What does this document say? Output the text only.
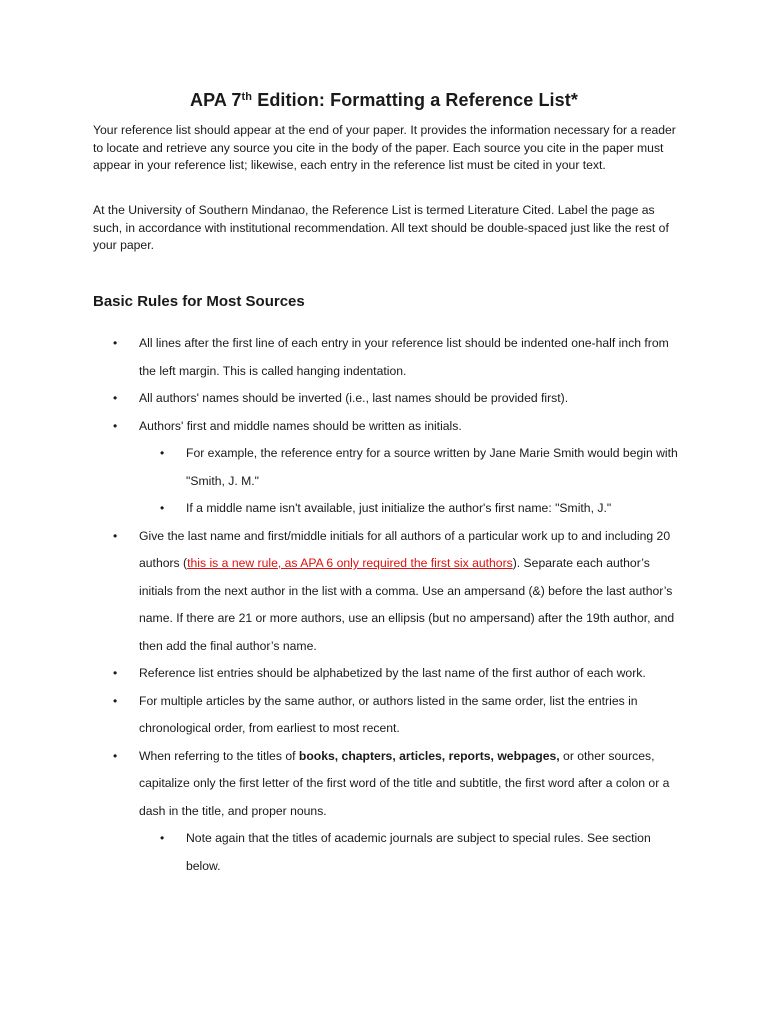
APA 7th Edition: Formatting a Reference List*

Your reference list should appear at the end of your paper. It provides the information necessary for a reader to locate and retrieve any source you cite in the body of the paper. Each source you cite in the paper must appear in your reference list; likewise, each entry in the reference list must be cited in your text.

At the University of Southern Mindanao, the Reference List is termed Literature Cited. Label the page as such, in accordance with institutional recommendation. All text should be double-spaced just like the rest of your paper.

Basic Rules for Most Sources
• All lines after the first line of each entry in your reference list should be indented one-half inch from the left margin. This is called hanging indentation.
• All authors' names should be inverted (i.e., last names should be provided first).
• Authors' first and middle names should be written as initials.
• For example, the reference entry for a source written by Jane Marie Smith would begin with "Smith, J. M."
• If a middle name isn't available, just initialize the author's first name: "Smith, J."
• Give the last name and first/middle initials for all authors of a particular work up to and including 20 authors (this is a new rule, as APA 6 only required the first six authors). Separate each author’s initials from the next author in the list with a comma. Use an ampersand (&) before the last author’s name. If there are 21 or more authors, use an ellipsis (but no ampersand) after the 19th author, and then add the final author’s name.
• Reference list entries should be alphabetized by the last name of the first author of each work.
• For multiple articles by the same author, or authors listed in the same order, list the entries in chronological order, from earliest to most recent.
• When referring to the titles of books, chapters, articles, reports, webpages, or other sources, capitalize only the first letter of the first word of the title and subtitle, the first word after a colon or a dash in the title, and proper nouns.
• Note again that the titles of academic journals are subject to special rules. See section below.
